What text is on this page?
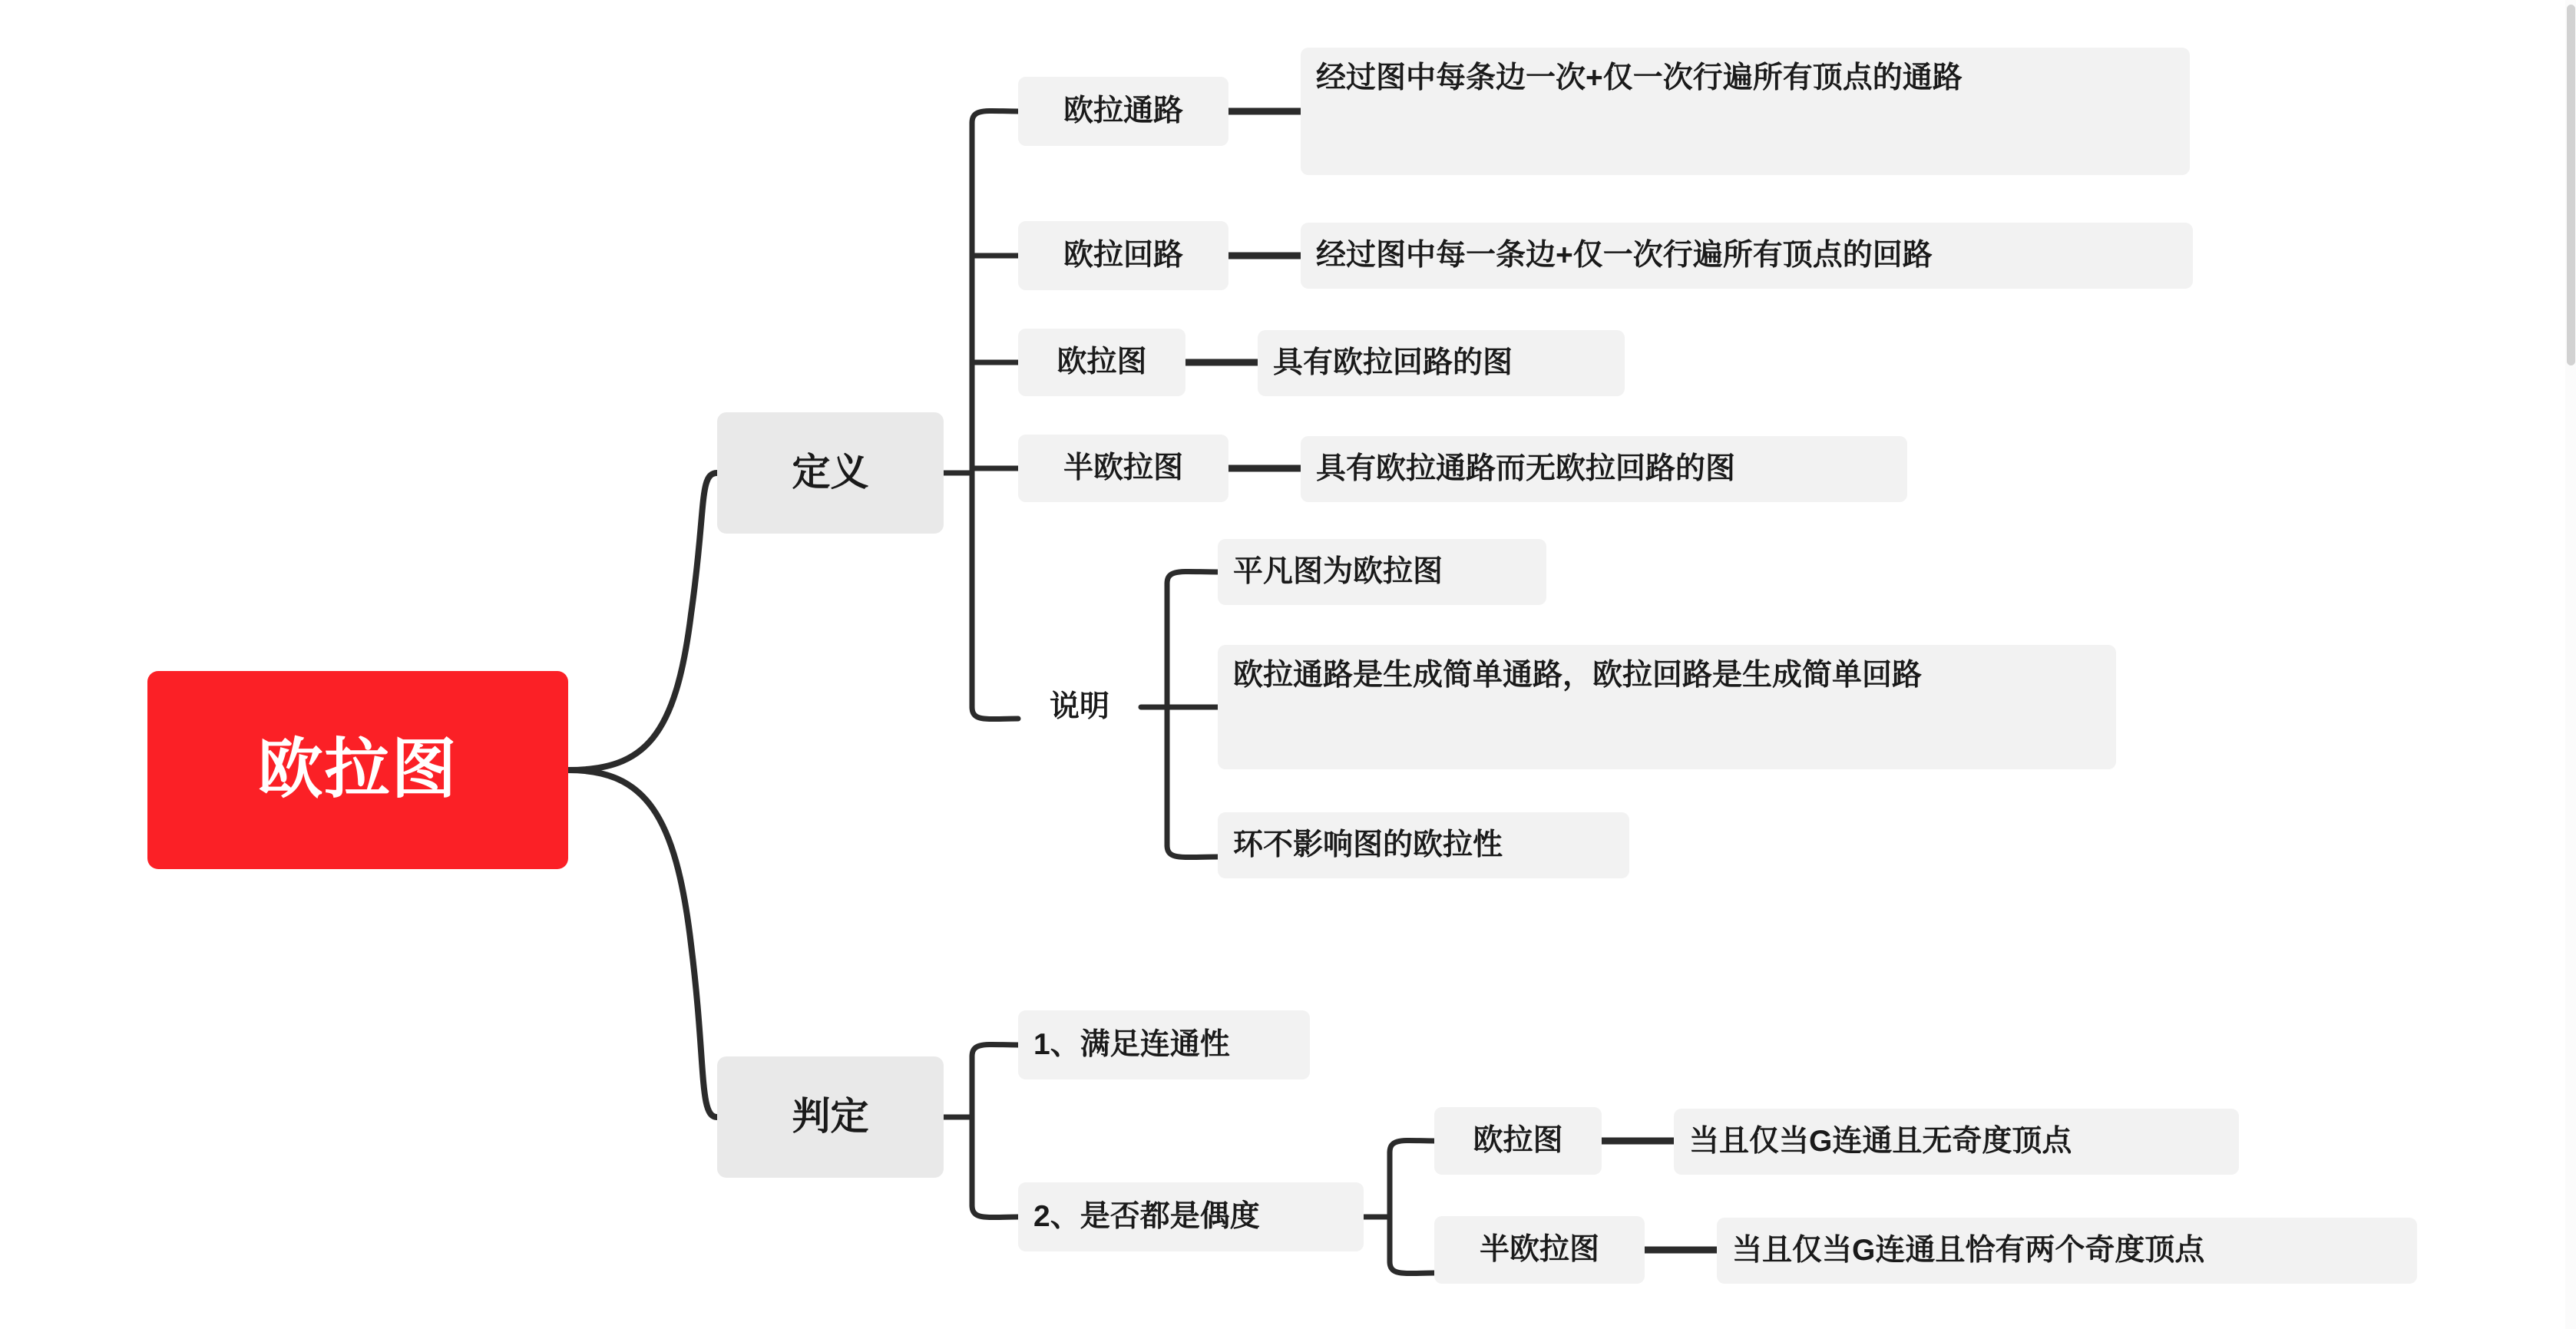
欧拉图
定义
欧拉通路
经过图中每条边一次+仅一次行遍所有顶点的通路
欧拉回路	经过图中每一条边+仅一次行遍所有顶点的回路
欧拉图	具有欧拉回路的图
半欧拉图	具有欧拉通路而无欧拉回路的图
说明
平凡图为欧拉图
欧拉通路是生成简单通路，欧拉回路是生成简单回路
环不影响图的欧拉性
判定
1、满足连通性
2、是否都是偶度
欧拉图	当且仅当G连通且无奇度顶点
半欧拉图	当且仅当G连通且恰有两个奇度顶点
